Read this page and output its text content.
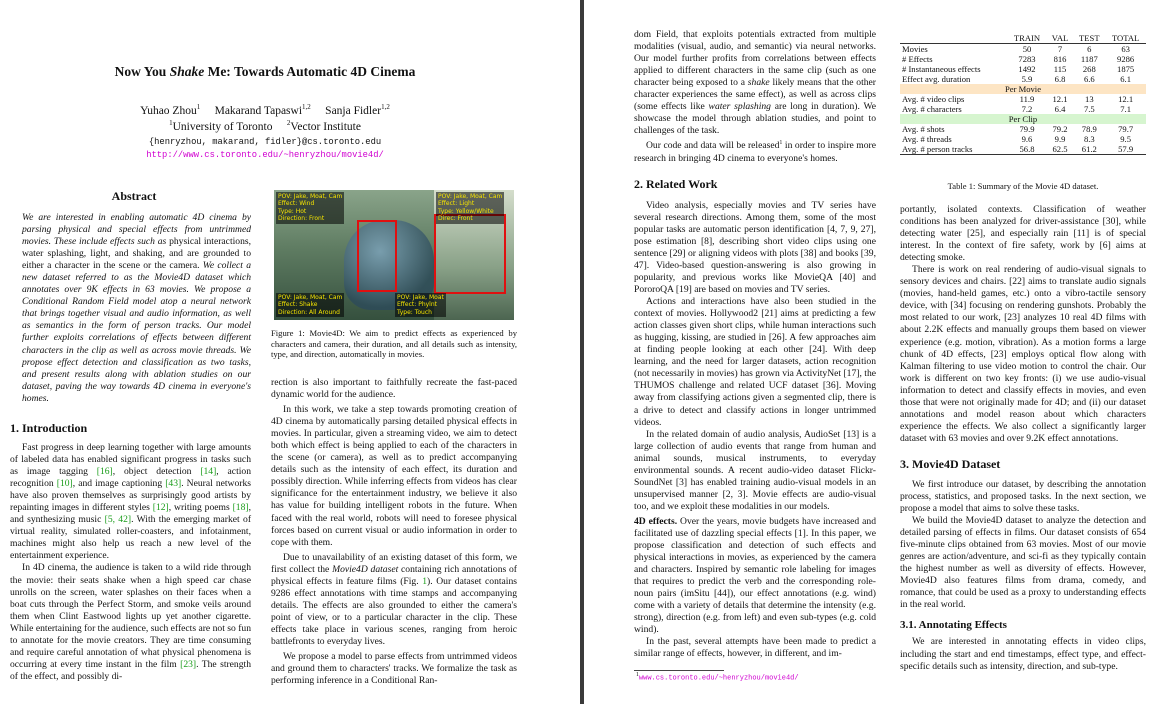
Now You Shake Me: Towards Automatic 4D Cinema
Yuhao Zhou$^1$ Makarand Tapaswi$^{1,2}$ Sanja Fidler$^{1,2}$
$^1$University of Toronto $^2$Vector Institute
{henryzhou, makarand, fidler}@cs.toronto.edu
http://www.cs.toronto.edu/~henryzhou/movie4d/
Abstract
We are interested in enabling automatic 4D cinema by parsing physical and special effects from untrimmed movies. These include effects such as physical interactions, water splashing, light, and shaking, and are grounded to either a character in the scene or the camera. We collect a new dataset referred to as the Movie4D dataset which annotates over 9K effects in 63 movies. We propose a Conditional Random Field model atop a neural network that brings together visual and audio information, as well as semantics in the form of person tracks. Our model further exploits correlations of effects between different characters in the clip as well as across movie threads. We propose effect detection and classification as two tasks, and present results along with ablation studies on our dataset, paving the way towards 4D cinema in everyone's homes.
POV: Jake, Moat, Cam
Effect: Wind
Type: Hot
Direction: Front
POV: Jake, Moat, Cam
Effect: Light
Type: Yellow/White
Direc: Front
POV: Jake, Moat, Cam
Effect: Shake
Direction: All Around
POV: Jake, Moat
Effect: Phylnt
Type: Touch
Figure 1: Movie4D: We aim to predict effects as experienced by characters and camera, their duration, and all details such as intensity, type, and direction, automatically in movies.
1. Introduction

Fast progress in deep learning together with large amounts of labeled data has enabled significant progress in tasks such as image tagging [16], object detection [14], action recognition [10], and image captioning [43]. Neural networks have also proven themselves as surprisingly good artists by repainting images in different styles [12], writing poems [18], and synthesizing music [5, 42]. With the emerging market of virtual reality, simulated roller-coasters, and infotainment, machines might also help us reach a new level of the entertainment experience.

In 4D cinema, the audience is taken to a wild ride through the movie: their seats shake when a high speed car chase unrolls on the screen, water splashes on their faces when a boat cuts through the Perfect Storm, and smoke veils around them when Clint Eastwood lights up yet another cigarette. While entertaining for the audience, such effects are not so fun to annotate for the movie creators. They are time consuming and require careful annotation of what physical phenomena is occurring at every time instant in the film [23]. The strength of the effect, and possibly di-

rection is also important to faithfully recreate the fast-paced dynamic world for the audience.

In this work, we take a step towards promoting creation of 4D cinema by automatically parsing detailed physical effects in movies. In particular, given a streaming video, we aim to detect both which effect is being applied to each of the characters in the scene (or camera), as well as to predict accompanying details such as the intensity of each effect, its duration and possibly direction. While inferring effects from videos has clear significance for the entertainment industry, we believe it also has value for building intelligent robots in the future. When faced with the real world, robots will need to foresee physical forces based on current visual or audio information in order to cope with them.

Due to unavailability of an existing dataset of this form, we first collect the Movie4D dataset containing rich annotations of physical effects in feature films (Fig. 1). Our dataset contains 9286 effect annotations with time stamps and accompanying details. The effects are also grounded to either the camera's point of view, or to a particular character in the clip. These effects take place in various scenes, ranging from heroic battlefronts to everyday lives.

We propose a model to parse effects from untrimmed videos and ground them to characters' tracks. We formalize the task as performing inference in a Conditional Ran-

dom Field, that exploits potentials extracted from multiple modalities (visual, audio, and semantic) via neural networks. Our model further profits from correlations between effects applied to different characters in the same clip (such as one character being exposed to a shake likely means that the other character experiences the same effect), as well as across clips (some effects like water splashing are long in duration). We showcase the model through ablation studies, and point to challenges of the task.

Our code and data will be released$^1$ in order to inspire more research in bringing 4D cinema to everyone's homes.

2. Related Work

Video analysis, especially movies and TV series have several research directions. Among them, some of the most popular tasks are automatic person identification [4, 7, 9, 27], pose estimation [8], describing short video clips using one sentence [29] or aligning videos with plots [38] and books [39, 47]. Video-based question-answering is also growing in popularity, and previous works like MovieQA [40] and PororoQA [19] are based on movies and TV series.

Actions and interactions have also been studied in the context of movies. Hollywood2 [21] aims at predicting a few action classes given short clips, while human interactions such as hugging, kissing, are studied in [26]. A few approaches aim at finding people looking at each other [24]. With deep learning, and the need for larger datasets, action recognition (not necessarily in movies) has grown via ActivityNet [17], the THUMOS challenge and related UCF dataset [36]. Moving away from classifying actions given a segmented clip, there is a drive to detect and classify actions in longer untrimmed videos.

In the related domain of audio analysis, AudioSet [13] is a large collection of audio events that range from human and animal sounds, musical instruments, to everyday environmental sounds. A recent audio-video dataset Flickr-SoundNet [3] has enabled training audio-visual models in an unsupervised manner [2, 3]. Movie effects are audio-visual too, and we exploit these modalities in our models.

4D effects. Over the years, movie budgets have increased and facilitated use of dazzling special effects [1]. In this paper, we propose classification and detection of such effects and physical interactions in movies, as experienced by the camera and characters. Inspired by semantic role labeling for images that requires to predict the verb and the corresponding role-noun pairs (imSitu [44]), our effect annotations (e.g. wind) come with a variety of details that determine the intensity (e.g. strong), direction (e.g. from left) and even sub-types (e.g. cold wind).

In the past, several attempts have been made to predict a similar range of effects, however, in different, and im-

$^1$www.cs.toronto.edu/~henryzhou/movie4d/
	TRAIN	VAL	TEST	TOTAL
Movies	50	7	6	63
# Effects	7283	816	1187	9286
# Instantaneous effects	1492	115	268	1875
Effect avg. duration	5.9	6.8	6.6	6.1
Per Movie				
Avg. # video clips	11.9	12.1	13	12.1
Avg. # characters	7.2	6.4	7.5	7.1
Per Clip				
Avg. # shots	79.9	79.2	78.9	79.7
Avg. # threads	9.6	9.9	8.3	9.5
Avg. # person tracks	56.8	62.5	61.2	57.9
Table 1: Summary of the Movie 4D dataset.

portantly, isolated contexts. Classification of weather conditions has been analyzed for driver-assistance [30], while detecting water [25], and especially rain [11] is of special interest. In the context of fire safety, work by [6] aims at detecting smoke.

There is work on real rendering of audio-visual signals to sensory devices and chairs. [22] aims to translate audio signals (movies, hand-held games, etc.) onto a vibro-tactile sensory device, with [34] focusing on rendering gunshots. Probably the most related to our work, [23] analyzes 10 real 4D films with about 2.2K effects and manually groups them based on viewer experience (e.g. motion, vibration). As a motion forms a large chunk of 4D effects, [23] employs optical flow along with Kalman filtering to use video motion to control the chair. Our work is different on two key fronts: (i) we use audio-visual information to detect and classify effects in movies, and even those that were not originally made for 4D; and (ii) our dataset annotations and model reason about which characters experience the effects. We also collect a significantly larger dataset with 63 movies and over 9.2K effect annotations.

3. Movie4D Dataset

We first introduce our dataset, by describing the annotation process, statistics, and proposed tasks. In the next section, we propose a model that aims to solve these tasks.

We build the Movie4D dataset to analyze the detection and detailed parsing of effects in films. Our dataset consists of 654 five-minute clips obtained from 63 movies. Most of our movie genres are action/adventure, and sci-fi as they typically contain the highest number as well as diversity of effects. However, Movie4D also features films from drama, comedy, and romance, that could be used as a proxy to understanding effects in the real world.

3.1. Annotating Effects

We are interested in annotating effects in video clips, including the start and end timestamps, effect type, and effect-specific details such as intensity, direction, and sub-type.
